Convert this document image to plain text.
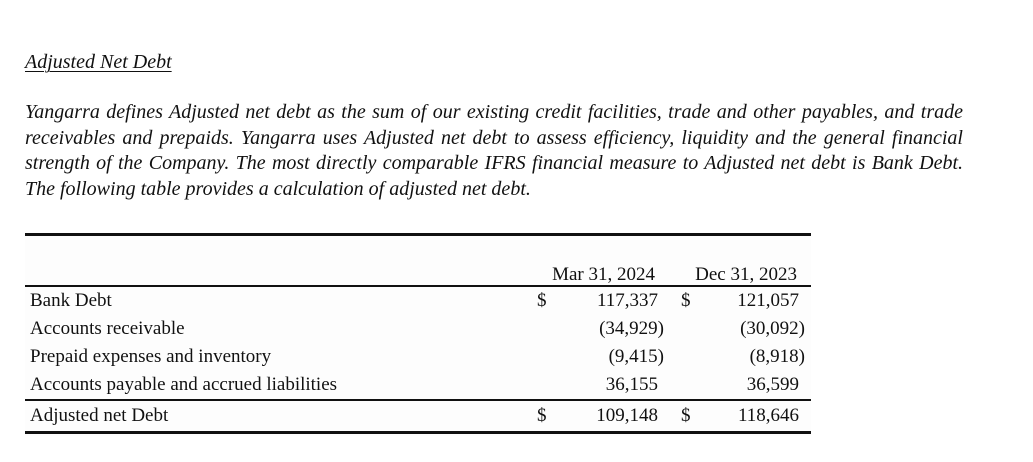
Adjusted Net Debt

Yangarra defines Adjusted net debt as the sum of our existing credit facilities, trade and other payables, and trade receivables and prepaids. Yangarra uses Adjusted net debt to assess efficiency, liquidity and the general financial strength of the Company. The most directly comparable IFRS financial measure to Adjusted net debt is Bank Debt. The following table provides a calculation of adjusted net debt.

Mar 31, 2024	Dec 31, 2023
Bank Debt	$	117,337 $	121,057
Accounts receivable	(34,929)	(30,092)
Prepaid expenses and inventory	(9,415)	(8,918)
Accounts payable and accrued liabilities	36,155	36,599
Adjusted net Debt	$	109,148 $	118,646
